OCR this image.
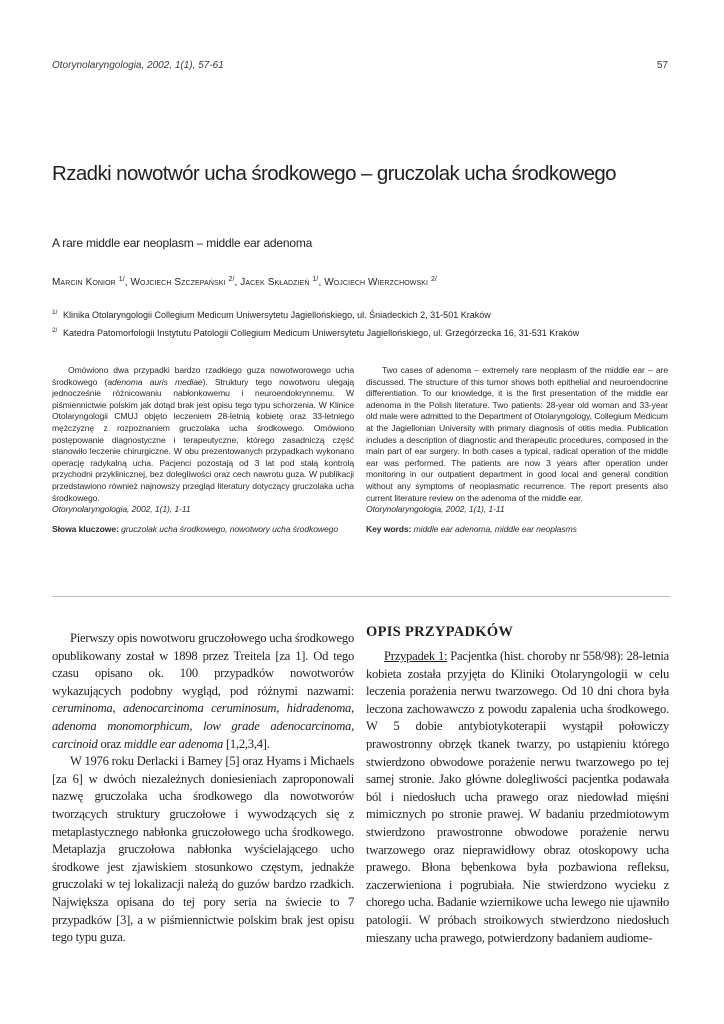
Otorynolaryngologia, 2002, 1(1), 57-61	57
Rzadki nowotwór ucha środkowego – gruczolak ucha środkowego
A rare middle ear neoplasm – middle ear adenoma
Marcin Konior $^{1/}$, Wojciech Szczepański $^{2/}$, Jacek Składzień $^{1/}$, Wojciech Wierzchowski $^{2/}$
1/ Klinika Otolaryngologii Collegium Medicum Uniwersytetu Jagiellońskiego, ul. Śniadeckich 2, 31-501 Kraków
2/ Katedra Patomorfologii Instytutu Patologii Collegium Medicum Uniwersytetu Jagiellońskiego, ul. Grzegórzecka 16, 31-531 Kraków
Omówiono dwa przypadki bardzo rzadkiego guza nowotworowego ucha środkowego (adenoma auris mediae). Struktury tego nowotworu ulegają jednocześnie różnicowaniu nabłonkowemu i neuroendokrynnemu. W piśmiennictwie polskim jak dotąd brak jest opisu tego typu schorzenia. W Klinice Otolaryngologii CMUJ objęto leczeniem 28-letnią kobietę oraz 33-letniego mężczyznę z rozpoznaniem gruczolaka ucha środkowego. Omówiono postępowanie diagnostyczne i terapeutyczne, którego zasadniczą część stanowiło leczenie chirurgiczne. W obu prezentowanych przypadkach wykonano operację radykalną ucha. Pacjenci pozostają od 3 lat pod stałą kontrolą przychodni przyklinicznej, bez dolegliwości oraz cech nawrotu guza. W publikacji przedstawiono również najnowszy przegląd literatury dotyczący gruczolaka ucha środkowego.
Otorynolaryngologia, 2002, 1(1), 1-11
Słowa kluczowe: gruczolak ucha środkowego, nowotwory ucha środkowego
Two cases of adenoma – extremely rare neoplasm of the middle ear – are discussed. The structure of this tumor shows both epithelial and neuroendocrine differentiation. To our knowledge, it is the first presentation of the middle ear adenoma in the Polish literature. Two patients: 28-year old woman and 33-year old male were admitted to the Department of Otolaryngology, Collegium Medicum at the Jagiellonian University with primary diagnosis of otitis media. Publication includes a description of diagnostic and therapeutic procedures, composed in the main part of ear surgery. In both cases a typical, radical operation of the middle ear was performed. The patients are now 3 years after operation under monitoring in our outpatient department in good local and general condition without any symptoms of neoplasmatic recurrence. The report presents also current literature review on the adenoma of the middle ear.
Otorynolaryngologia, 2002, 1(1), 1-11
Key words: middle ear adenoma, middle ear neoplasms

Pierwszy opis nowotworu gruczołowego ucha środkowego opublikowany został w 1898 przez Treitela [za 1]. Od tego czasu opisano ok. 100 przypadków nowotworów wykazujących podobny wygląd, pod różnymi nazwami: ceruminoma, adenocarcinoma ceruminosum, hidradenoma, adenoma monomorphicum, low grade adenocarcinoma, carcinoid oraz middle ear adenoma [1,2,3,4].

W 1976 roku Derlacki i Barney [5] oraz Hyams i Michaels [za 6] w dwóch niezależnych doniesieniach zaproponowali nazwę gruczolaka ucha środkowego dla nowotworów tworzących struktury gruczołowe i wywodzących się z metaplastycznego nabłonka gruczołowego ucha środkowego. Metaplazja gruczołowa nabłonka wyścielającego ucho środkowe jest zjawiskiem stosunkowo częstym, jednakże gruczolaki w tej lokalizacji należą do guzów bardzo rzadkich. Największa opisana do tej pory seria na świecie to 7 przypadków [3], a w piśmiennictwie polskim brak jest opisu tego typu guza.

OPIS PRZYPADKÓW

Przypadek 1: Pacjentka (hist. choroby nr 558/98): 28-letnia kobieta została przyjęta do Kliniki Otolaryngologii w celu leczenia porażenia nerwu twarzowego. Od 10 dni chora była leczona zachowawczo z powodu zapalenia ucha środkowego. W 5 dobie antybiotykoterapii wystąpił połowiczy prawostronny obrzęk tkanek twarzy, po ustąpieniu którego stwierdzono obwodowe porażenie nerwu twarzowego po tej samej stronie. Jako główne dolegliwości pacjentka podawała ból i niedosłuch ucha prawego oraz niedowład mięśni mimicznych po stronie prawej. W badaniu przedmiotowym stwierdzono prawostronne obwodowe porażenie nerwu twarzowego oraz nieprawidłowy obraz otoskopowy ucha prawego. Błona bębenkowa była pozbawiona refleksu, zaczerwieniona i pogrubiała. Nie stwierdzono wycieku z chorego ucha. Badanie wziernikowe ucha lewego nie ujawniło patologii. W próbach stroikowych stwierdzono niedosłuch mieszany ucha prawego, potwierdzony badaniem audiome-
